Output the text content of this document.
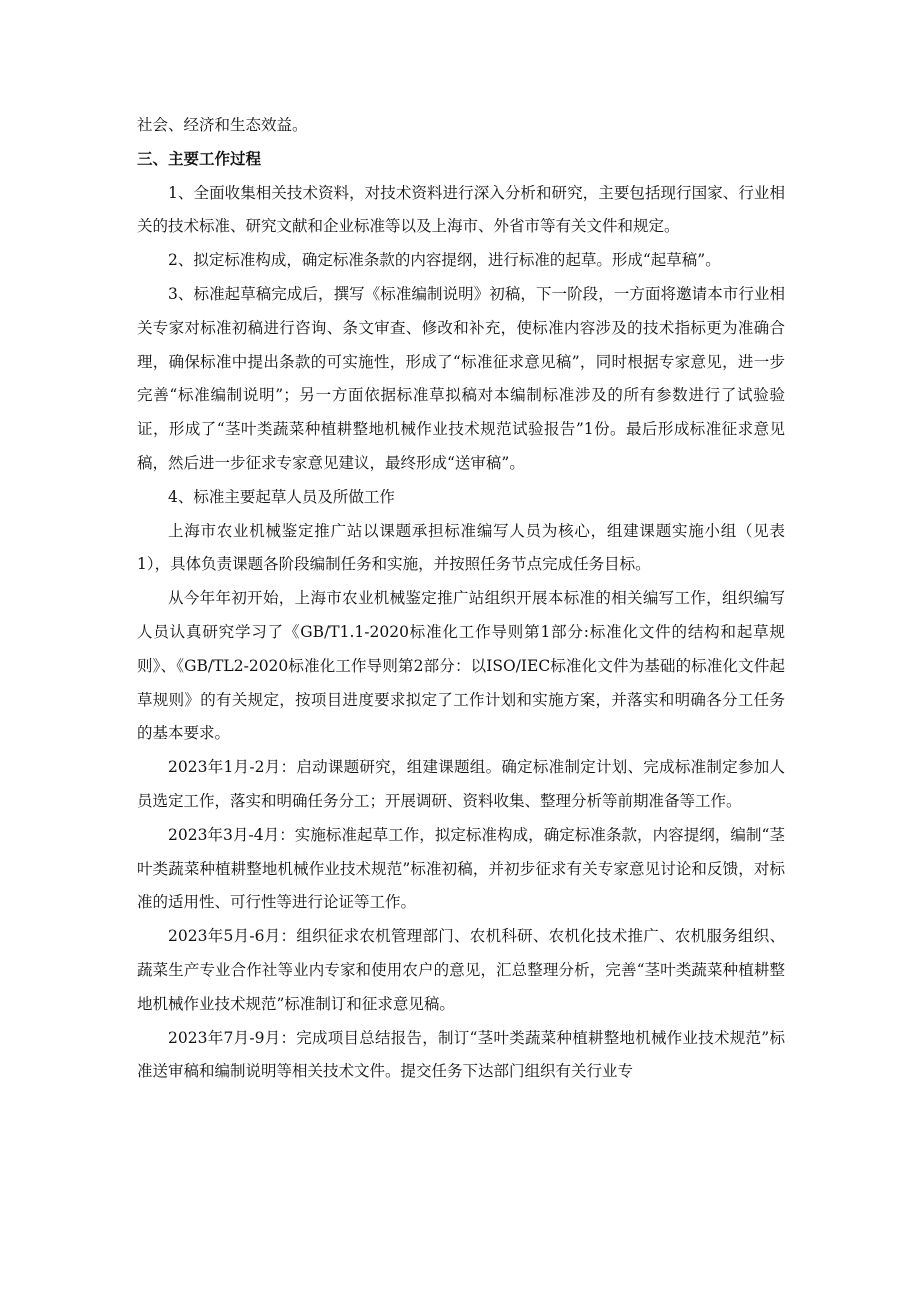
社会、经济和生态效益。

三、主要工作过程

1、全面收集相关技术资料，对技术资料进行深入分析和研究，主要包括现行国家、行业相关的技术标准、研究文献和企业标准等以及上海市、外省市等有关文件和规定。

2、拟定标准构成，确定标准条款的内容提纲，进行标准的起草。形成“起草稿”。

3、标准起草稿完成后，撰写《标准编制说明》初稿，下一阶段，一方面将邀请本市行业相关专家对标准初稿进行咨询、条文审查、修改和补充，使标准内容涉及的技术指标更为准确合理，确保标准中提出条款的可实施性，形成了“标准征求意见稿”，同时根据专家意见，进一步完善“标准编制说明”；另一方面依据标准草拟稿对本编制标准涉及的所有参数进行了试验验证，形成了“茎叶类蔬菜种植耕整地机械作业技术规范试验报告”1份。最后形成标准征求意见稿，然后进一步征求专家意见建议，最终形成“送审稿”。

4、标准主要起草人员及所做工作

上海市农业机械鉴定推广站以课题承担标准编写人员为核心，组建课题实施小组（见表1），具体负责课题各阶段编制任务和实施，并按照任务节点完成任务目标。

从今年年初开始，上海市农业机械鉴定推广站组织开展本标准的相关编写工作，组织编写人员认真研究学习了《GB/T1.1-2020标准化工作导则第1部分:标准化文件的结构和起草规则》、《GB/TL2-2020标准化工作导则第2部分：以ISO/IEC标准化文件为基础的标准化文件起草规则》的有关规定，按项目进度要求拟定了工作计划和实施方案，并落实和明确各分工任务的基本要求。

2023年1月-2月：启动课题研究，组建课题组。确定标准制定计划、完成标准制定参加人员选定工作，落实和明确任务分工；开展调研、资料收集、整理分析等前期准备等工作。

2023年3月-4月：实施标准起草工作，拟定标准构成，确定标准条款，内容提纲，编制“茎叶类蔬菜种植耕整地机械作业技术规范”标准初稿，并初步征求有关专家意见讨论和反馈，对标准的适用性、可行性等进行论证等工作。

2023年5月-6月：组织征求农机管理部门、农机科研、农机化技术推广、农机服务组织、蔬菜生产专业合作社等业内专家和使用农户的意见，汇总整理分析，完善“茎叶类蔬菜种植耕整地机械作业技术规范”标准制订和征求意见稿。

2023年7月-9月：完成项目总结报告，制订“茎叶类蔬菜种植耕整地机械作业技术规范”标准送审稿和编制说明等相关技术文件。提交任务下达部门组织有关行业专
